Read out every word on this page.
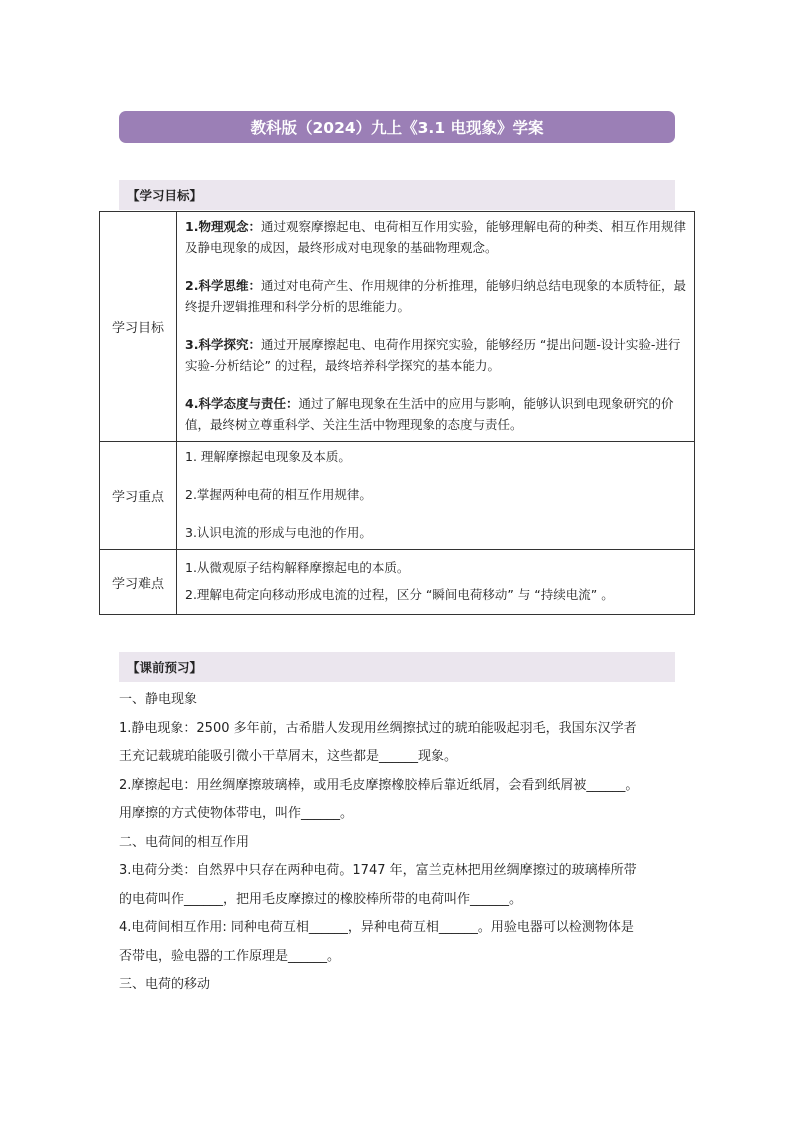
教科版（2024）九上《3.1 电现象》学案
【学习目标】
学习目标	1.物理观念：通过观察摩擦起电、电荷相互作用实验，能够理解电荷的种类、相互作用规律及静电现象的成因，最终形成对电现象的基础物理观念。
2.科学思维：通过对电荷产生、作用规律的分析推理，能够归纳总结电现象的本质特征，最终提升逻辑推理和科学分析的思维能力。
3.科学探究：通过开展摩擦起电、电荷作用探究实验，能够经历 “提出问题-设计实验-进行实验-分析结论” 的过程，最终培养科学探究的基本能力。
4.科学态度与责任：通过了解电现象在生活中的应用与影响，能够认识到电现象研究的价值，最终树立尊重科学、关注生活中物理现象的态度与责任。

学习重点	1. 理解摩擦起电现象及本质。
2.掌握两种电荷的相互作用规律。
3.认识电流的形成与电池的作用。

学习难点	1.从微观原子结构解释摩擦起电的本质。
2.理解电荷定向移动形成电流的过程，区分 “瞬间电荷移动” 与 “持续电流” 。
【课前预习】

一、静电现象

1.静电现象：2500 多年前，古希腊人发现用丝绸擦拭过的琥珀能吸起羽毛，我国东汉学者

王充记载琥珀能吸引微小干草屑末，这些都是______现象。

2.摩擦起电：用丝绸摩擦玻璃棒，或用毛皮摩擦橡胶棒后靠近纸屑，会看到纸屑被______。

用摩擦的方式使物体带电，叫作______。

二、电荷间的相互作用

3.电荷分类：自然界中只存在两种电荷。1747 年，富兰克林把用丝绸摩擦过的玻璃棒所带

的电荷叫作______，把用毛皮摩擦过的橡胶棒所带的电荷叫作______。

4.电荷间相互作用: 同种电荷互相______，异种电荷互相______。用验电器可以检测物体是

否带电，验电器的工作原理是______。

三、电荷的移动
